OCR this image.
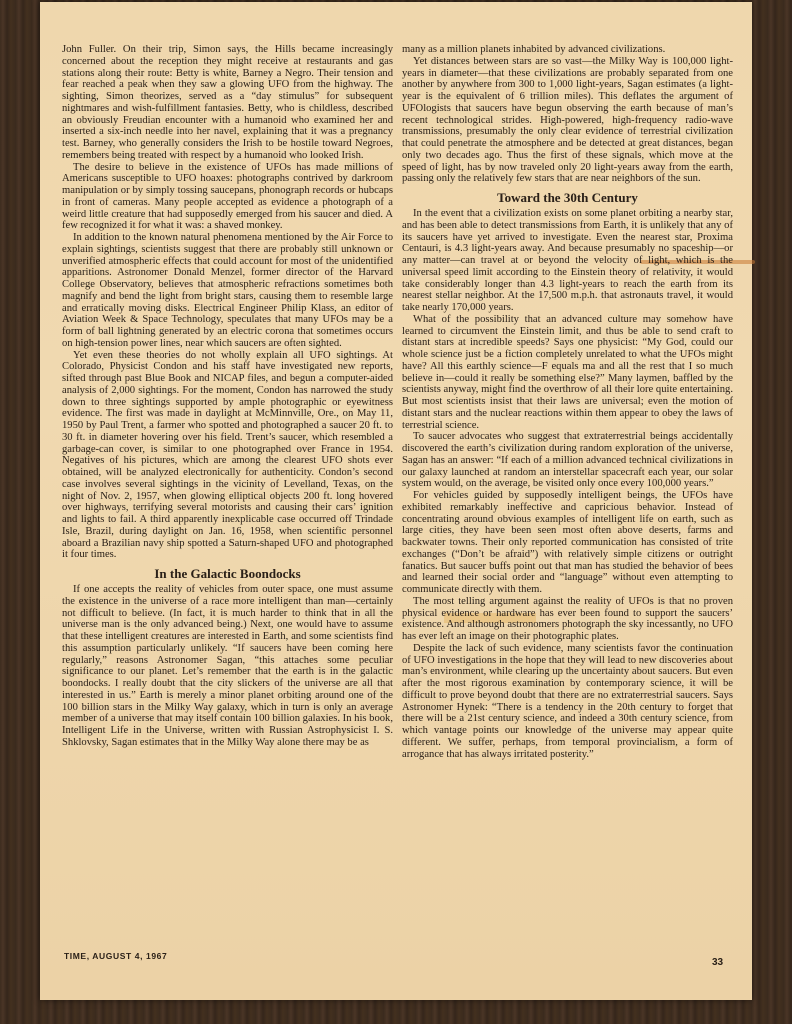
John Fuller. On their trip, Simon says, the Hills became increasingly concerned about the reception they might receive at restaurants and gas stations along their route: Betty is white, Barney a Negro. Their tension and fear reached a peak when they saw a glowing UFO from the highway. The sighting, Simon theorizes, served as a “day stimulus” for subsequent nightmares and wish-fulfillment fantasies. Betty, who is childless, described an obviously Freudian encounter with a humanoid who examined her and inserted a six-inch needle into her navel, explaining that it was a pregnancy test. Barney, who generally considers the Irish to be hostile toward Negroes, remembers being treated with respect by a humanoid who looked Irish.

The desire to believe in the existence of UFOs has made millions of Americans susceptible to UFO hoaxes: photographs contrived by darkroom manipulation or by simply tossing saucepans, phonograph records or hubcaps in front of cameras. Many people accepted as evidence a photograph of a weird little creature that had supposedly emerged from his saucer and died. A few recognized it for what it was: a shaved monkey.

In addition to the known natural phenomena mentioned by the Air Force to explain sightings, scientists suggest that there are probably still unknown or unverified atmospheric effects that could account for most of the unidentified apparitions. Astronomer Donald Menzel, former director of the Harvard College Observatory, believes that atmospheric refractions sometimes both magnify and bend the light from bright stars, causing them to resemble large and erratically moving disks. Electrical Engineer Philip Klass, an editor of Aviation Week & Space Technology, speculates that many UFOs may be a form of ball lightning generated by an electric corona that sometimes occurs on high-tension power lines, near which saucers are often sighted.

Yet even these theories do not wholly explain all UFO sightings. At Colorado, Physicist Condon and his staff have investigated new reports, sifted through past Blue Book and NICAP files, and begun a computer-aided analysis of 2,000 sightings. For the moment, Condon has narrowed the study down to three sightings supported by ample photographic or eyewitness evidence. The first was made in daylight at McMinnville, Ore., on May 11, 1950 by Paul Trent, a farmer who spotted and photographed a saucer 20 ft. to 30 ft. in diameter hovering over his field. Trent’s saucer, which resembled a garbage-can cover, is similar to one photographed over France in 1954. Negatives of his pictures, which are among the clearest UFO shots ever obtained, will be analyzed electronically for authenticity. Condon’s second case involves several sightings in the vicinity of Levelland, Texas, on the night of Nov. 2, 1957, when glowing elliptical objects 200 ft. long hovered over highways, terrifying several motorists and causing their cars’ ignition and lights to fail. A third apparently inexplicable case occurred off Trindade Isle, Brazil, during daylight on Jan. 16, 1958, when scientific personnel aboard a Brazilian navy ship spotted a Saturn-shaped UFO and photographed it four times.

In the Galactic Boondocks

If one accepts the reality of vehicles from outer space, one must assume the existence in the universe of a race more intelligent than man—certainly not difficult to believe. (In fact, it is much harder to think that in all the universe man is the only advanced being.) Next, one would have to assume that these intelligent creatures are interested in Earth, and some scientists find this assumption particularly unlikely. “If saucers have been coming here regularly,” reasons Astronomer Sagan, “this attaches some peculiar significance to our planet. Let’s remember that the earth is in the galactic boondocks. I really doubt that the city slickers of the universe are all that interested in us.” Earth is merely a minor planet orbiting around one of the 100 billion stars in the Milky Way galaxy, which in turn is only an average member of a universe that may itself contain 100 billion galaxies. In his book, Intelligent Life in the Universe, written with Russian Astrophysicist I. S. Shklovsky, Sagan estimates that in the Milky Way alone there may be as

many as a million planets inhabited by advanced civilizations.

Yet distances between stars are so vast—the Milky Way is 100,000 light-years in diameter—that these civilizations are probably separated from one another by anywhere from 300 to 1,000 light-years, Sagan estimates (a light-year is the equivalent of 6 trillion miles). This deflates the argument of UFOlogists that saucers have begun observing the earth because of man’s recent technological strides. High-powered, high-frequency radio-wave transmissions, presumably the only clear evidence of terrestrial civilization that could penetrate the atmosphere and be detected at great distances, began only two decades ago. Thus the first of these signals, which move at the speed of light, has by now traveled only 20 light-years away from the earth, passing only the relatively few stars that are near neighbors of the sun.

Toward the 30th Century

In the event that a civilization exists on some planet orbiting a nearby star, and has been able to detect transmissions from Earth, it is unlikely that any of its saucers have yet arrived to investigate. Even the nearest star, Proxima Centauri, is 4.3 light-years away. And because presumably no spaceship—or any matter—can travel at or beyond the velocity of light, which is the universal speed limit according to the Einstein theory of relativity, it would take considerably longer than 4.3 light-years to reach the earth from its nearest stellar neighbor. At the 17,500 m.p.h. that astronauts travel, it would take nearly 170,000 years.

What of the possibility that an advanced culture may somehow have learned to circumvent the Einstein limit, and thus be able to send craft to distant stars at incredible speeds? Says one physicist: “My God, could our whole science just be a fiction completely unrelated to what the UFOs might have? All this earthly science—F equals ma and all the rest that I so much believe in—could it really be something else?” Many laymen, baffled by the scientists anyway, might find the overthrow of all their lore quite entertaining. But most scientists insist that their laws are universal; even the motion of distant stars and the nuclear reactions within them appear to obey the laws of terrestrial science.

To saucer advocates who suggest that extraterrestrial beings accidentally discovered the earth’s civilization during random exploration of the universe, Sagan has an answer: “If each of a million advanced technical civilizations in our galaxy launched at random an interstellar spacecraft each year, our solar system would, on the average, be visited only once every 100,000 years.”

For vehicles guided by supposedly intelligent beings, the UFOs have exhibited remarkably ineffective and capricious behavior. Instead of concentrating around obvious examples of intelligent life on earth, such as large cities, they have been seen most often above deserts, farms and backwater towns. Their only reported communication has consisted of trite exchanges (“Don’t be afraid”) with relatively simple citizens or outright fanatics. But saucer buffs point out that man has studied the behavior of bees and learned their social order and “language” without even attempting to communicate directly with them.

The most telling argument against the reality of UFOs is that no proven physical evidence or hardware has ever been found to support the saucers’ existence. And although astronomers photograph the sky incessantly, no UFO has ever left an image on their photographic plates.

Despite the lack of such evidence, many scientists favor the continuation of UFO investigations in the hope that they will lead to new discoveries about man’s environment, while clearing up the uncertainty about saucers. But even after the most rigorous examination by contemporary science, it will be difficult to prove beyond doubt that there are no extraterrestrial saucers. Says Astronomer Hynek: “There is a tendency in the 20th century to forget that there will be a 21st century science, and indeed a 30th century science, from which vantage points our knowledge of the universe may appear quite different. We suffer, perhaps, from temporal provincialism, a form of arrogance that has always irritated posterity.”

TIME, AUGUST 4, 1967
33
